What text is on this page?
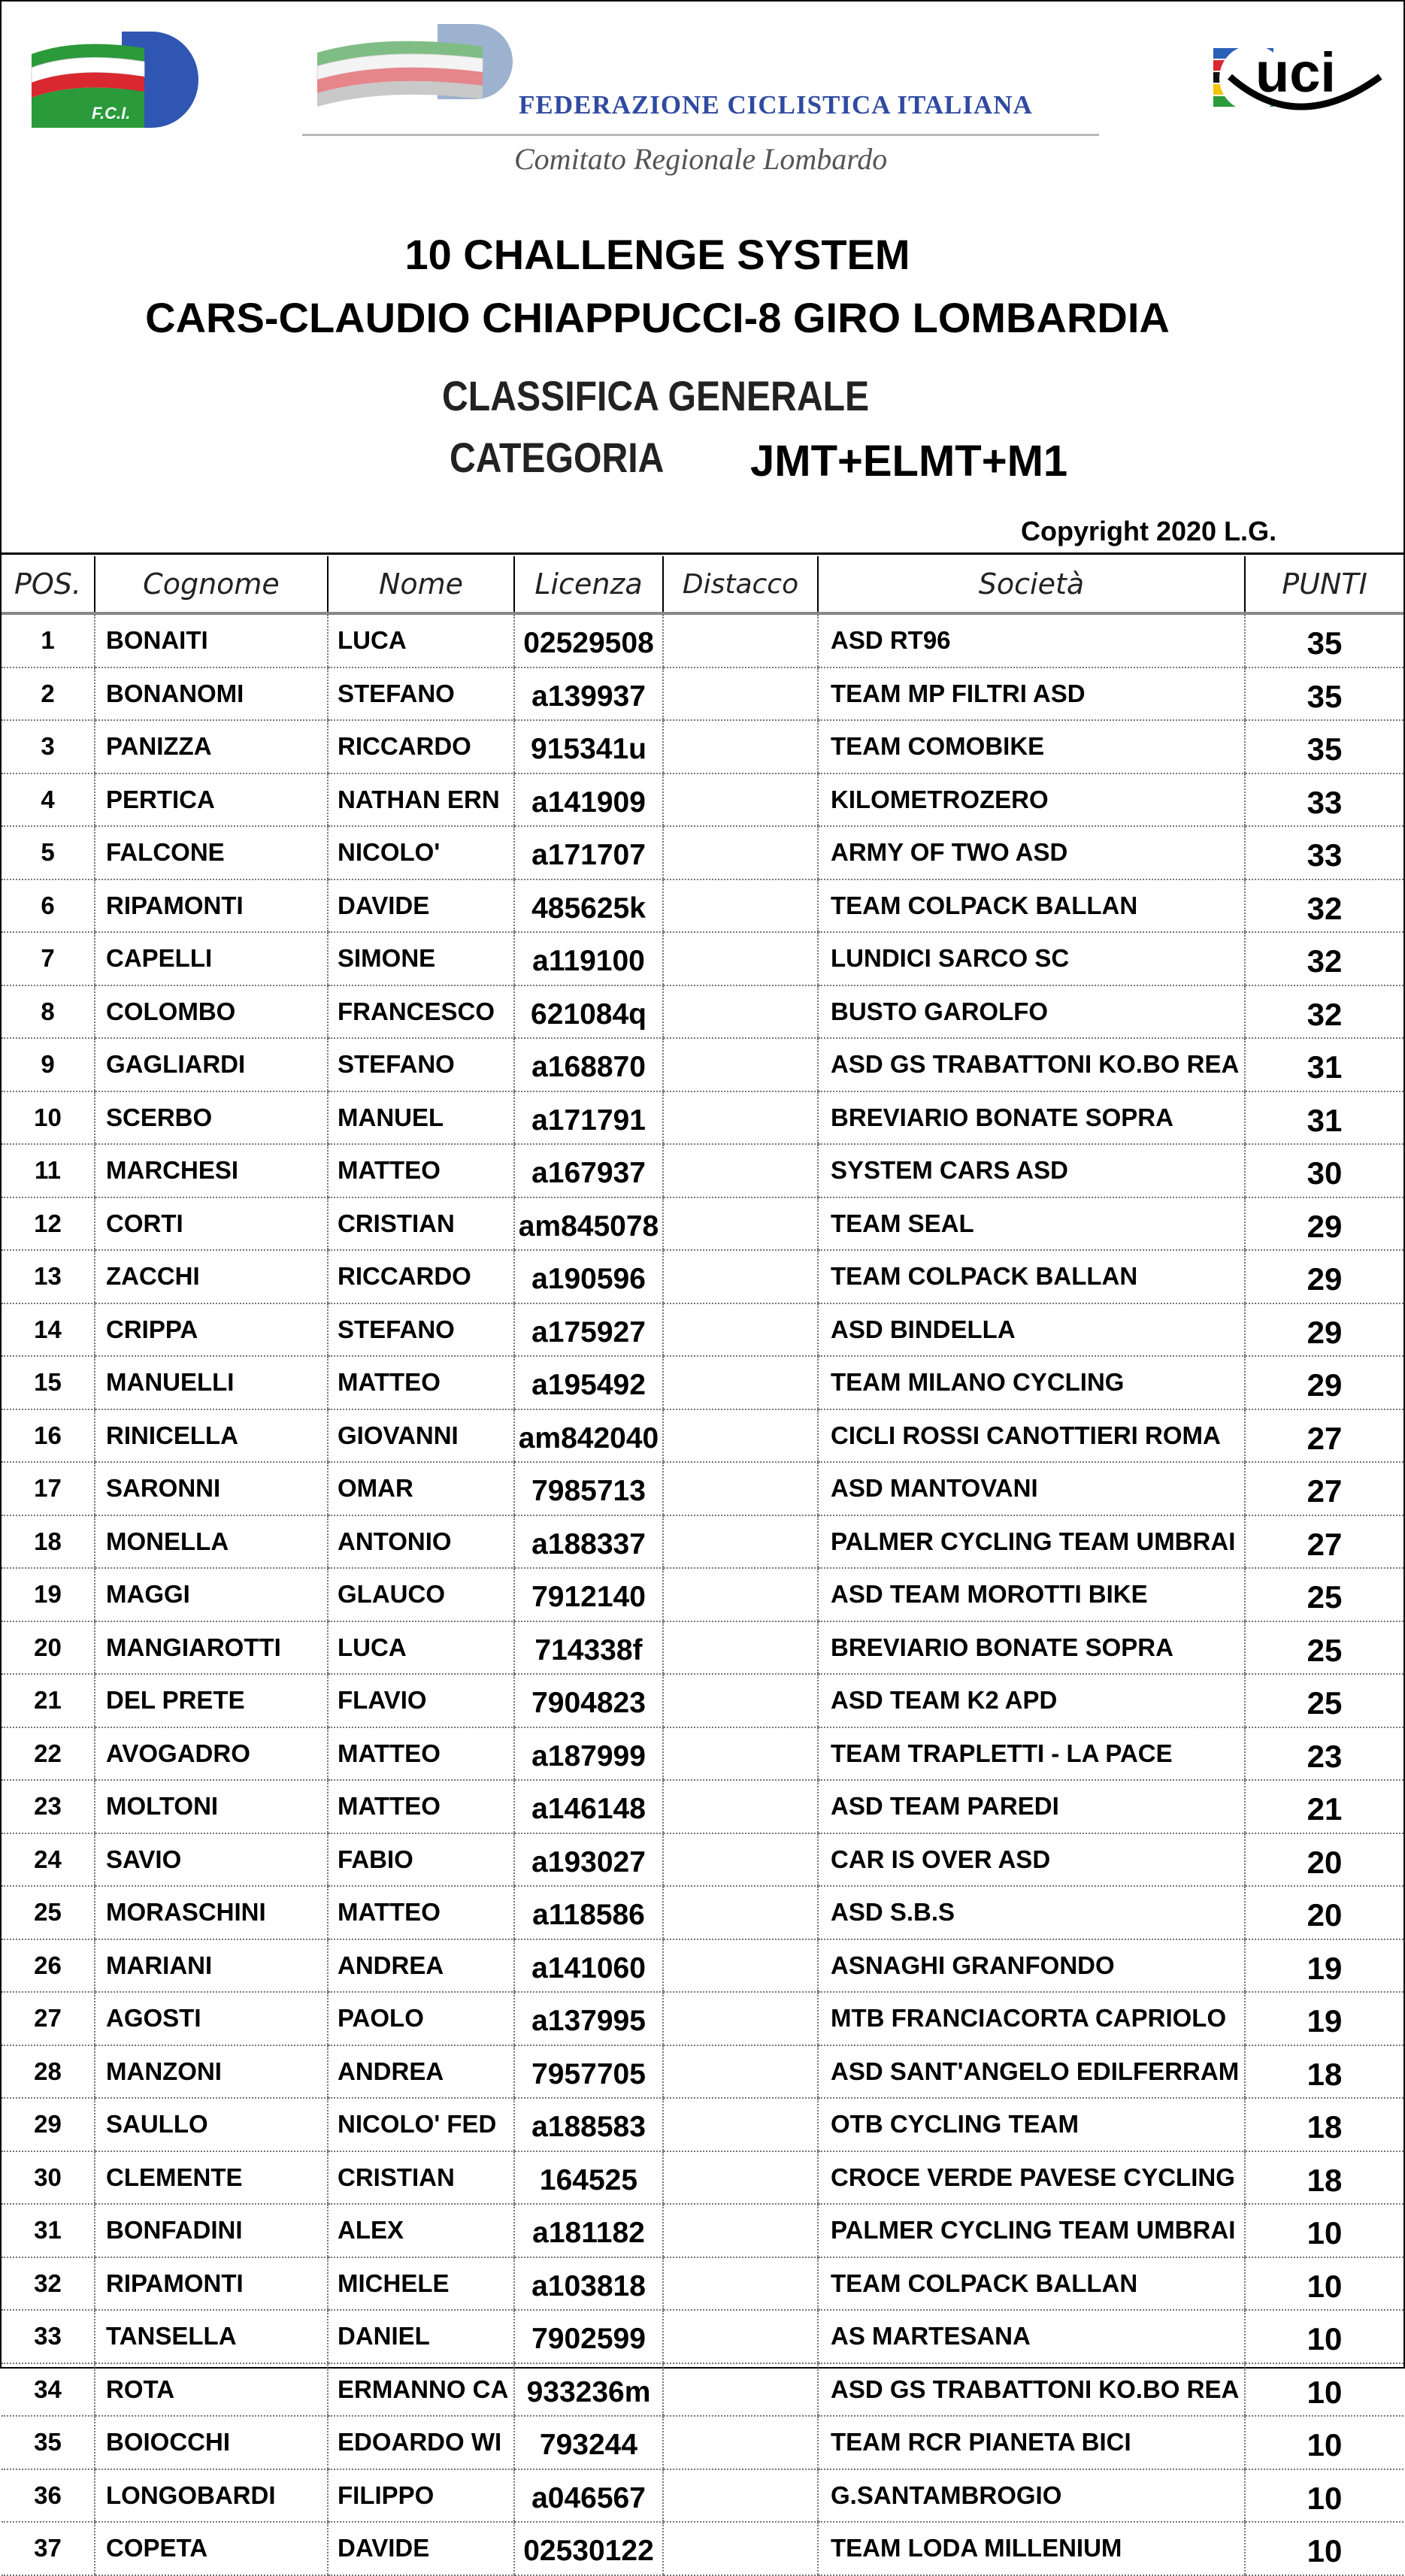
F.C.I.	FEDERAZIONE CICLISTICA ITALIANA
Comitato Regionale Lombardo
uci
10 CHALLENGE SYSTEM
CARS-CLAUDIO CHIAPPUCCI-8 GIRO LOMBARDIA
CLASSIFICA GENERALE
CATEGORIA JMT+ELMT+M1
Copyright 2020 L.G.
POS.	Cognome	Nome	Licenza	Distacco	Società	PUNTI
1	BONAITI	LUCA	02529508		ASD RT96	35
2	BONANOMI	STEFANO	a139937		TEAM MP FILTRI ASD	35
3	PANIZZA	RICCARDO	915341u		TEAM COMOBIKE	35
4	PERTICA	NATHAN ERN	a141909		KILOMETROZERO	33
5	FALCONE	NICOLO'	a171707		ARMY OF TWO ASD	33
6	RIPAMONTI	DAVIDE	485625k		TEAM COLPACK BALLAN	32
7	CAPELLI	SIMONE	a119100		LUNDICI SARCO SC	32
8	COLOMBO	FRANCESCO	621084q		BUSTO GAROLFO	32
9	GAGLIARDI	STEFANO	a168870		ASD GS TRABATTONI KO.BO REA	31
10	SCERBO	MANUEL	a171791		BREVIARIO BONATE SOPRA	31
11	MARCHESI	MATTEO	a167937		SYSTEM CARS ASD	30
12	CORTI	CRISTIAN	am845078		TEAM SEAL	29
13	ZACCHI	RICCARDO	a190596		TEAM COLPACK BALLAN	29
14	CRIPPA	STEFANO	a175927		ASD BINDELLA	29
15	MANUELLI	MATTEO	a195492		TEAM MILANO CYCLING	29
16	RINICELLA	GIOVANNI	am842040		CICLI ROSSI CANOTTIERI ROMA	27
17	SARONNI	OMAR	7985713		ASD MANTOVANI	27
18	MONELLA	ANTONIO	a188337		PALMER CYCLING TEAM UMBRAI	27
19	MAGGI	GLAUCO	7912140		ASD TEAM MOROTTI BIKE	25
20	MANGIAROTTI	LUCA	714338f		BREVIARIO BONATE SOPRA	25
21	DEL PRETE	FLAVIO	7904823		ASD TEAM K2 APD	25
22	AVOGADRO	MATTEO	a187999		TEAM TRAPLETTI - LA PACE	23
23	MOLTONI	MATTEO	a146148		ASD TEAM PAREDI	21
24	SAVIO	FABIO	a193027		CAR IS OVER ASD	20
25	MORASCHINI	MATTEO	a118586		ASD S.B.S	20
26	MARIANI	ANDREA	a141060		ASNAGHI GRANFONDO	19
27	AGOSTI	PAOLO	a137995		MTB FRANCIACORTA CAPRIOLO	19
28	MANZONI	ANDREA	7957705		ASD SANT'ANGELO EDILFERRAM	18
29	SAULLO	NICOLO' FED	a188583		OTB CYCLING TEAM	18
30	CLEMENTE	CRISTIAN	164525		CROCE VERDE PAVESE CYCLING	18
31	BONFADINI	ALEX	a181182		PALMER CYCLING TEAM UMBRAI	10
32	RIPAMONTI	MICHELE	a103818		TEAM COLPACK BALLAN	10
33	TANSELLA	DANIEL	7902599		AS MARTESANA	10
34	ROTA	ERMANNO CA	933236m		ASD GS TRABATTONI KO.BO REA	10
35	BOIOCCHI	EDOARDO WI	793244		TEAM RCR PIANETA BICI	10
36	LONGOBARDI	FILIPPO	a046567		G.SANTAMBROGIO	10
37	COPETA	DAVIDE	02530122		TEAM LODA MILLENIUM	10
